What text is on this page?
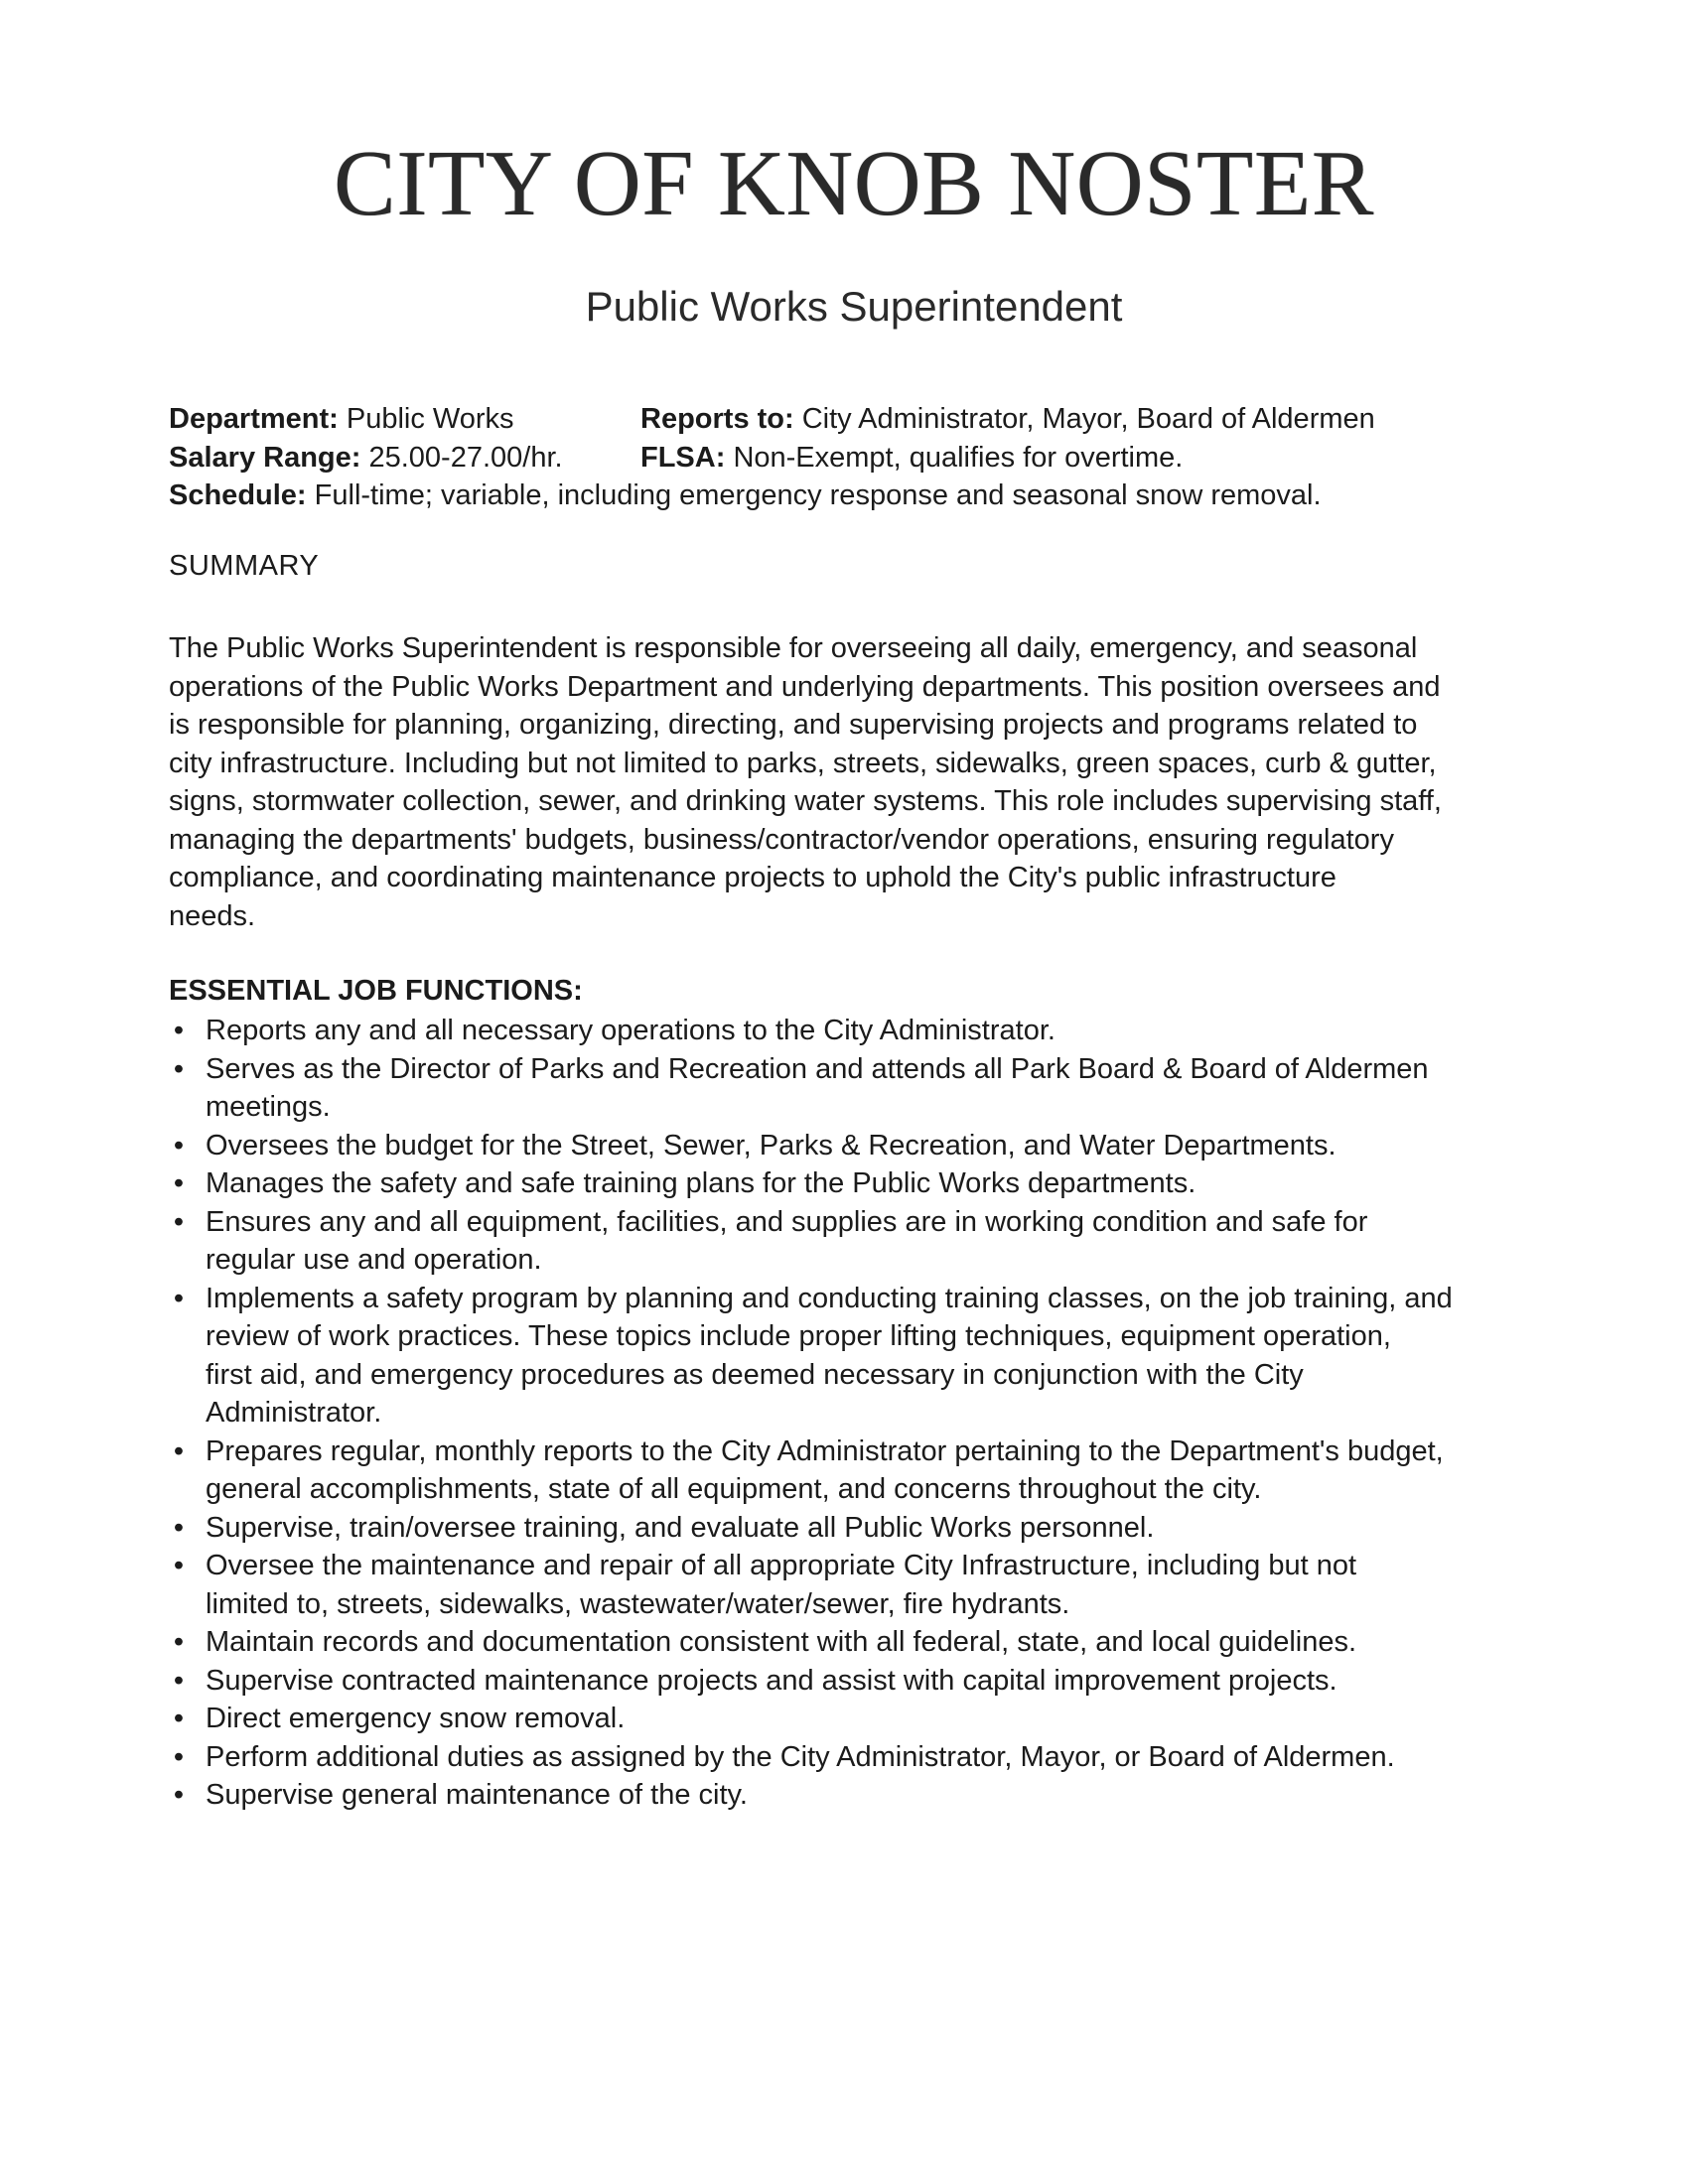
CITY OF KNOB NOSTER
Public Works Superintendent
Department: Public Works	Reports to: City Administrator, Mayor, Board of Aldermen
Salary Range: 25.00-27.00/hr.	FLSA: Non-Exempt, qualifies for overtime.
Schedule: Full-time; variable, including emergency response and seasonal snow removal.
SUMMARY
The Public Works Superintendent is responsible for overseeing all daily, emergency, and seasonal
operations of the Public Works Department and underlying departments. This position oversees and
is responsible for planning, organizing, directing, and supervising projects and programs related to
city infrastructure. Including but not limited to parks, streets, sidewalks, green spaces, curb & gutter,
signs, stormwater collection, sewer, and drinking water systems. This role includes supervising staff,
managing the departments' budgets, business/contractor/vendor operations, ensuring regulatory
compliance, and coordinating maintenance projects to uphold the City's public infrastructure
needs.
ESSENTIAL JOB FUNCTIONS:
• Reports any and all necessary operations to the City Administrator.
• Serves as the Director of Parks and Recreation and attends all Park Board & Board of Aldermen
meetings.
• Oversees the budget for the Street, Sewer, Parks & Recreation, and Water Departments.
• Manages the safety and safe training plans for the Public Works departments.
• Ensures any and all equipment, facilities, and supplies are in working condition and safe for
regular use and operation.
• Implements a safety program by planning and conducting training classes, on the job training, and
review of work practices. These topics include proper lifting techniques, equipment operation,
first aid, and emergency procedures as deemed necessary in conjunction with the City
Administrator.
• Prepares regular, monthly reports to the City Administrator pertaining to the Department's budget,
general accomplishments, state of all equipment, and concerns throughout the city.
• Supervise, train/oversee training, and evaluate all Public Works personnel.
• Oversee the maintenance and repair of all appropriate City Infrastructure, including but not
limited to, streets, sidewalks, wastewater/water/sewer, fire hydrants.
• Maintain records and documentation consistent with all federal, state, and local guidelines.
• Supervise contracted maintenance projects and assist with capital improvement projects.
• Direct emergency snow removal.
• Perform additional duties as assigned by the City Administrator, Mayor, or Board of Aldermen.
• Supervise general maintenance of the city.
